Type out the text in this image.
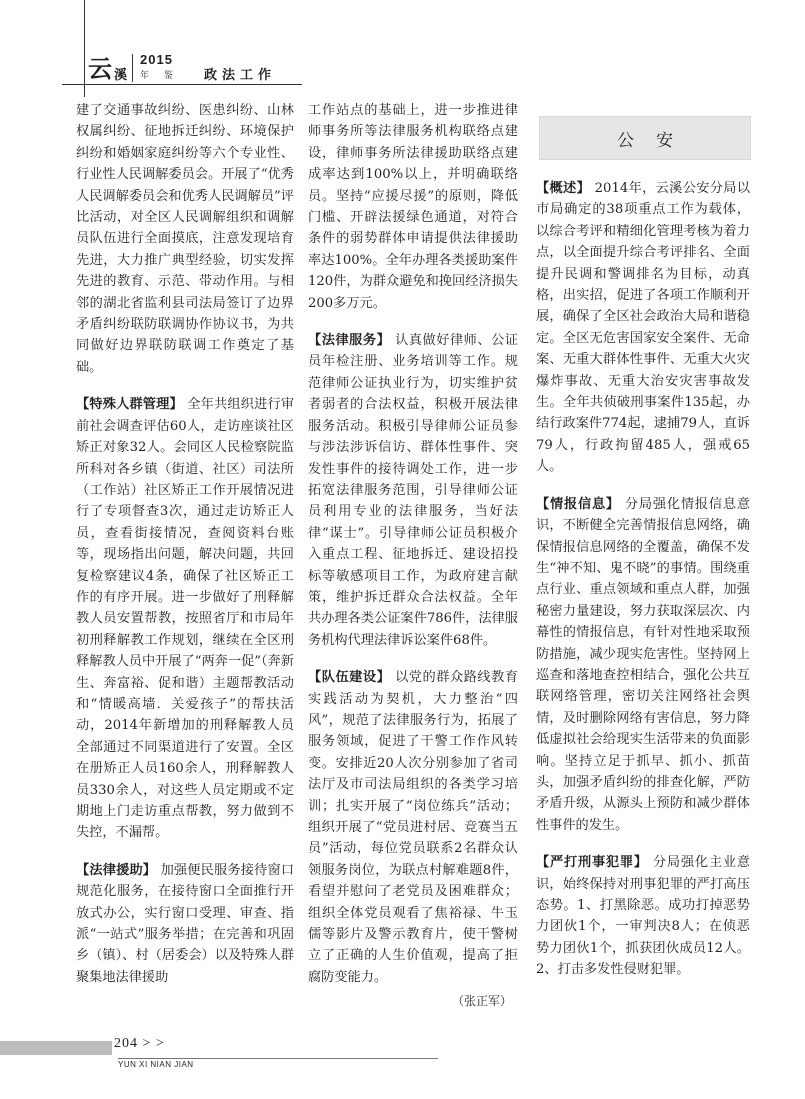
云 溪
2015
年 鉴 政法工作

建了交通事故纠纷、医患纠纷、山林权属纠纷、征地拆迁纠纷、环境保护纠纷和婚姻家庭纠纷等六个专业性、行业性人民调解委员会。开展了“优秀人民调解委员会和优秀人民调解员”评比活动，对全区人民调解组织和调解员队伍进行全面摸底，注意发现培育先进，大力推广典型经验，切实发挥先进的教育、示范、带动作用。与相邻的湖北省监利县司法局签订了边界矛盾纠纷联防联调协作协议书，为共同做好边界联防联调工作奠定了基础。

【特殊人群管理】 全年共组织进行审前社会调查评估60人，走访座谈社区矫正对象32人。会同区人民检察院监所科对各乡镇（街道、社区）司法所（工作站）社区矫正工作开展情况进行了专项督查3次，通过走访矫正人员，查看街接情况，查阅资料台账等，现场指出问题，解决问题，共回复检察建议4条，确保了社区矫正工作的有序开展。进一步做好了刑释解教人员安置帮教，按照省厅和市局年初刑释解教工作规划，继续在全区刑释解教人员中开展了“两奔一促”（奔新生、奔富裕、促和谐）主题帮教活动和“情暖高墙．关爱孩子”的帮扶活动，2014年新增加的刑释解教人员全部通过不同渠道进行了安置。全区在册矫正人员160余人，刑释解教人员330余人，对这些人员定期或不定期地上门走访重点帮教，努力做到不失控，不漏帮。

【法律援助】 加强便民服务接待窗口规范化服务，在接待窗口全面推行开放式办公，实行窗口受理、审查、指派“一站式”服务举措；在完善和巩固乡（镇）、村（居委会）以及特殊人群聚集地法律援助

工作站点的基础上，进一步推进律师事务所等法律服务机构联络点建设，律师事务所法律援助联络点建成率达到100%以上，并明确联络员。坚持“应援尽援”的原则，降低门槛、开辟法援绿色通道，对符合条件的弱势群体申请提供法律援助率达100%。全年办理各类援助案件120件，为群众避免和挽回经济损失200多万元。

【法律服务】 认真做好律师、公证员年检注册、业务培训等工作。规范律师公证执业行为，切实维护贫者弱者的合法权益，积极开展法律服务活动。积极引导律师公证员参与涉法涉诉信访、群体性事件、突发性事件的接待调处工作，进一步拓宽法律服务范围，引导律师公证员利用专业的法律服务，当好法律“谋士”。引导律师公证员积极介入重点工程、征地拆迁、建设招投标等敏感项目工作，为政府建言献策，维护拆迁群众合法权益。全年共办理各类公证案件786件，法律服务机构代理法律诉讼案件68件。

【队伍建设】 以党的群众路线教育实践活动为契机，大力整治“四风”，规范了法律服务行为，拓展了服务领域，促进了干警工作作风转变。安排近20人次分别参加了省司法厅及市司法局组织的各类学习培训；扎实开展了“岗位练兵”活动；组织开展了“党员进村居、竞赛当五员”活动，每位党员联系2名群众认领服务岗位，为联点村解难题8件，看望并慰问了老党员及困难群众；组织全体党员观看了焦裕禄、牛玉儒等影片及警示教育片，使干警树立了正确的人生价值观，提高了拒腐防变能力。

（张正军）
公安

【概述】 2014年，云溪公安分局以市局确定的38项重点工作为载体，以综合考评和精细化管理考核为着力点，以全面提升综合考评排名、全面提升民调和警调排名为目标，动真格，出实招，促进了各项工作顺利开展，确保了全区社会政治大局和谐稳定。全区无危害国家安全案件、无命案、无重大群体性事件、无重大火灾爆炸事故、无重大治安灾害事故发生。全年共侦破刑事案件135起，办结行政案件774起，逮捕79人，直诉79人，行政拘留485人，强戒65人。

【情报信息】 分局强化情报信息意识，不断健全完善情报信息网络，确保情报信息网络的全覆盖，确保不发生“神不知、鬼不晓”的事情。围绕重点行业、重点领域和重点人群，加强秘密力量建设，努力获取深层次、内幕性的情报信息，有针对性地采取预防措施，减少现实危害性。坚持网上巡查和落地查控相结合，强化公共互联网络管理，密切关注网络社会舆情，及时删除网络有害信息，努力降低虚拟社会给现实生活带来的负面影响。坚持立足于抓早、抓小、抓苗头，加强矛盾纠纷的排查化解，严防矛盾升级，从源头上预防和减少群体性事件的发生。

【严打刑事犯罪】 分局强化主业意识，始终保持对刑事犯罪的严打高压态势。1、打黑除恶。成功打掉恶势力团伙1个，一审判决8人；在侦恶势力团伙1个，抓获团伙成员12人。2、打击多发性侵财犯罪。

204 > >
YUN XI NIAN JIAN
